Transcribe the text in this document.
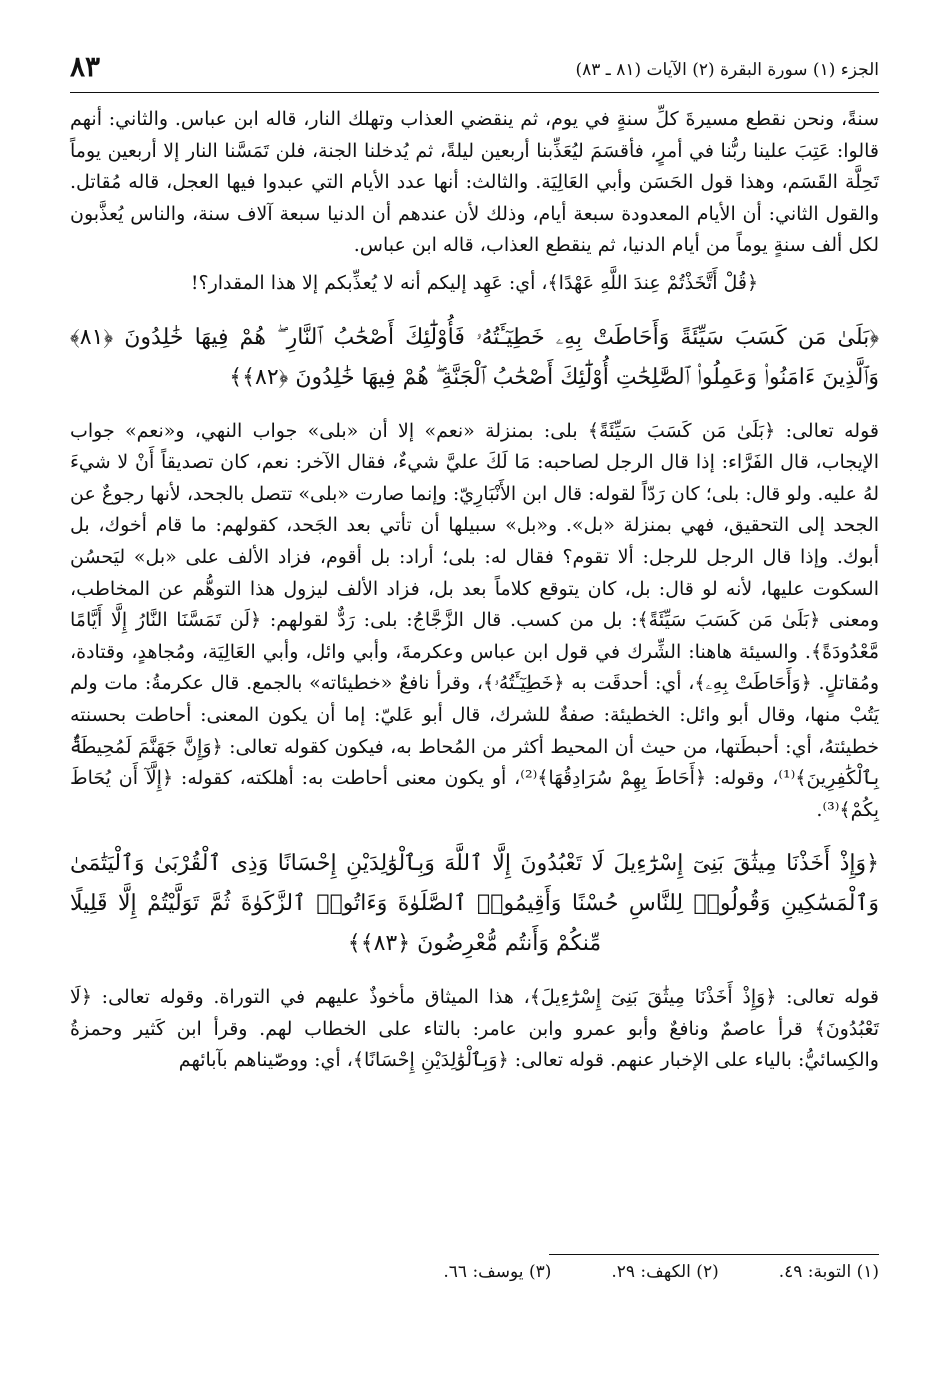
٨٣	الجزء (١) سورة البقرة (٢) الآيات (٨١ ـ ٨٣)

سنةً، ونحن نقطع مسيرةَ كلِّ سنةٍ في يوم، ثم ينقضي العذاب وتهلك النار، قاله ابن عباس. والثاني: أنهم قالوا: عَتِبَ علينا ربُّنا في أمرٍ، فأقسَمَ ليُعَذِّبنا أربعين ليلةً، ثم يُدخلنا الجنة، فلن تَمَسَّنا النار إلا أربعين يوماً تَحِلَّة القَسَم، وهذا قول الحَسَن وأبي العَالِيَة. والثالث: أنها عدد الأيام التي عبدوا فيها العجل، قاله مُقاتل. والقول الثاني: أن الأيام المعدودة سبعة أيام، وذلك لأن عندهم أن الدنيا سبعة آلاف سنة، والناس يُعذَّبون لكل ألف سنةٍ يوماً من أيام الدنيا، ثم ينقطع العذاب، قاله ابن عباس.

﴿قُلْ أَتَّخَذْتُمْ عِندَ اللَّهِ عَهْدًا﴾، أي: عَهِد إليكم أنه لا يُعذِّبكم إلا هذا المقدار؟!

﴿بَلَىٰ مَن كَسَبَ سَيِّئَةً وَأَحَاطَتْ بِهِۦ خَطِيٓـَٔتُهُۥ فَأُوْلَٰٓئِكَ أَصْحَٰبُ ٱلنَّارِ ۖ هُمْ فِيهَا خَٰلِدُونَ ﴿٨١﴾ وَٱلَّذِينَ ءَامَنُوا۟ وَعَمِلُوا۟ ٱلصَّٰلِحَٰتِ أُوْلَٰٓئِكَ أَصْحَٰبُ ٱلْجَنَّةِ ۖ هُمْ فِيهَا خَٰلِدُونَ ﴿٨٢﴾﴾

قوله تعالى: ﴿بَلَىٰ مَن كَسَبَ سَيِّئَةً﴾ بلى: بمنزلة «نعم» إلا أن «بلى» جواب النهي، و«نعم» جواب الإيجاب، قال الفَرَّاء: إذا قال الرجل لصاحبه: مَا لَكَ عليَّ شيءٌ، فقال الآخر: نعم، كان تصديقاً أَنْ لا شيءَ لهُ عليه. ولو قال: بلى؛ كان رَدّاً لقوله: قال ابن الأَنْبَارِيّ: وإنما صارت «بلى» تتصل بالجحد، لأنها رجوعٌ عن الجحد إلى التحقيق، فهي بمنزلة «بل». و«بل» سبيلها أن تأتي بعد الجَحد، كقولهم: ما قام أخوك، بل أبوك. وإذا قال الرجل للرجل: ألا تقوم؟ فقال له: بلى؛ أراد: بل أقوم، فزاد الألف على «بل» ليَحسُن السكوت عليها، لأنه لو قال: بل، كان يتوقع كلاماً بعد بل، فزاد الألف ليزول هذا التوهُّم عن المخاطب، ومعنى ﴿بَلَىٰ مَن كَسَبَ سَيِّئَةً﴾: بل من كسب. قال الزَّجَّاجُ: بلى: رَدٌّ لقولهم: ﴿لَن تَمَسَّنَا النَّارُ إِلَّا أَيَّامًا مَّعْدُودَةً﴾. والسيئة هاهنا: الشِّرك في قول ابن عباس وعكرمةَ، وأبي وائل، وأبي العَالِيَة، ومُجاهدٍ، وقتادة، ومُقاتلٍ. ﴿وَأَحَاطَتْ بِهِۦ﴾، أي: أحدقَت به ﴿خَطِيٓـَٔتُهُۥ﴾، وقرأ نافعٌ «خطيئاته» بالجمع. قال عكرمةُ: مات ولم يَتُبْ منها، وقال أبو وائل: الخطيئة: صفةٌ للشرك، قال أبو عَليّ: إما أن يكون المعنى: أحاطت بحسنته خطيئتهُ، أي: أحبطَتها، من حيث أن المحيط أكثر من المُحاط به، فيكون كقوله تعالى: ﴿وَإِنَّ جَهَنَّمَ لَمُحِيطَةٌۢ بِٱلْكَٰفِرِينَ﴾⁽¹⁾، وقوله: ﴿أَحَاطَ بِهِمْ سُرَادِقُهَا﴾⁽²⁾، أو يكون معنى أحاطت به: أهلكته، كقوله: ﴿إِلَّآ أَن يُحَاطَ بِكُمْ﴾⁽³⁾.

﴿وَإِذْ أَخَذْنَا مِيثَٰقَ بَنِىٓ إِسْرَٰٓءِيلَ لَا تَعْبُدُونَ إِلَّا ٱللَّهَ وَبِٱلْوَٰلِدَيْنِ إِحْسَانًا وَذِى ٱلْقُرْبَىٰ وَٱلْيَتَٰمَىٰ وَٱلْمَسَٰكِينِ وَقُولُوا۟ لِلنَّاسِ حُسْنًا وَأَقِيمُوا۟ ٱلصَّلَوٰةَ وَءَاتُوا۟ ٱلزَّكَوٰةَ ثُمَّ تَوَلَّيْتُمْ إِلَّا قَلِيلًا مِّنكُمْ وَأَنتُم مُّعْرِضُونَ ﴿٨٣﴾﴾

قوله تعالى: ﴿وَإِذْ أَخَذْنَا مِيثَٰقَ بَنِىٓ إِسْرَٰٓءِيلَ﴾، هذا الميثاق مأخوذٌ عليهم في التوراة. وقوله تعالى: ﴿لَا تَعْبُدُونَ﴾ قرأ عاصمٌ ونافعٌ وأبو عمرو وابن عامر: بالتاء على الخطاب لهم. وقرأ ابن كَثير وحمزةُ والكِسائيُّ: بالياء على الإخبار عنهم. قوله تعالى: ﴿وَبِٱلْوَٰلِدَيْنِ إِحْسَانًا﴾، أي: ووصّيناهم بآبائهم

(١) التوبة: ٤٩.
(٢) الكهف: ٢٩.
(٣) يوسف: ٦٦.
